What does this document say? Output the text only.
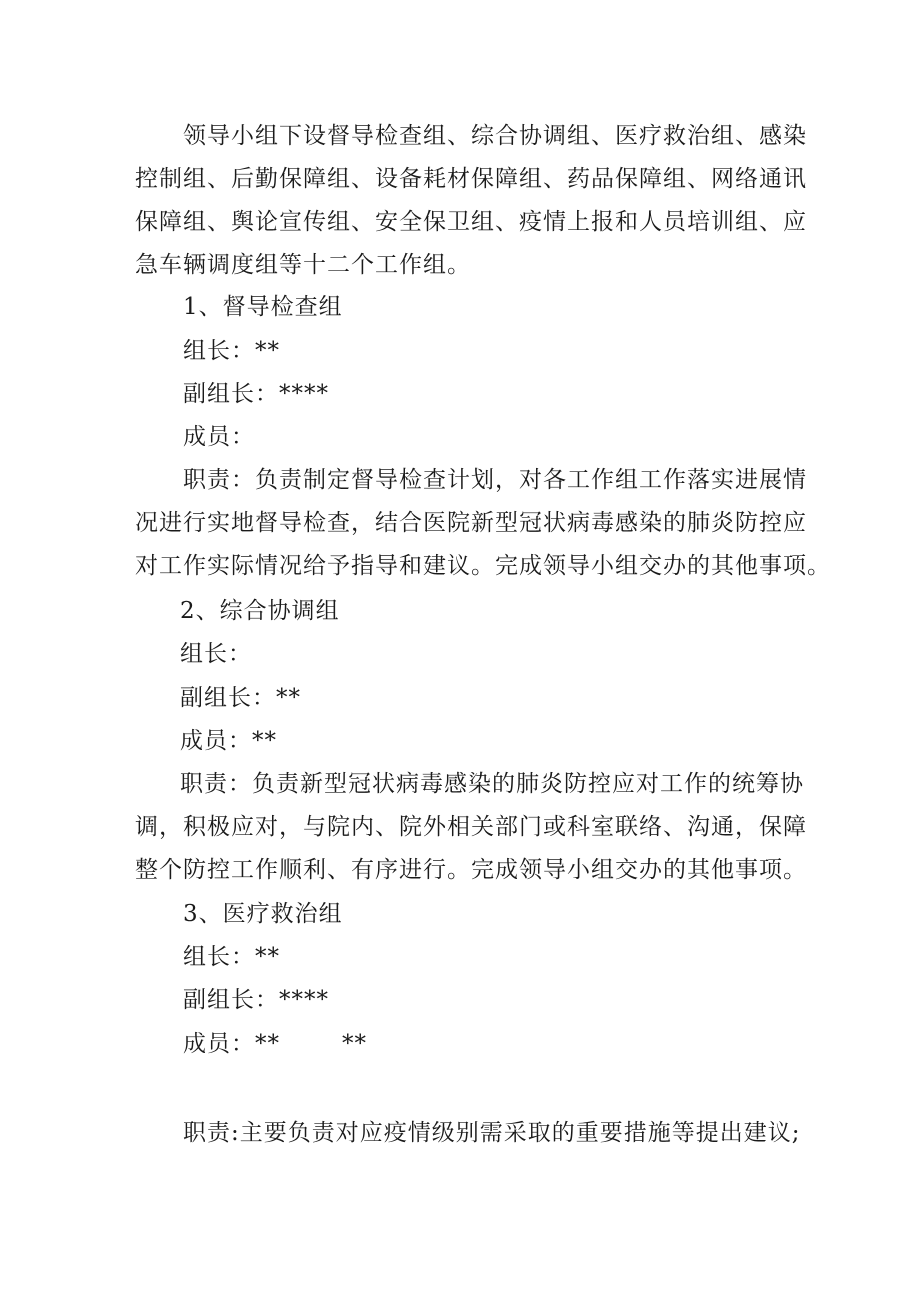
领导小组下设督导检查组、综合协调组、医疗救治组、感染
控制组、后勤保障组、设备耗材保障组、药品保障组、网络通讯
保障组、舆论宣传组、安全保卫组、疫情上报和人员培训组、应
急车辆调度组等十二个工作组。
1、督导检查组
组长：**
副组长：****
成员：
职责：负责制定督导检查计划，对各工作组工作落实进展情
况进行实地督导检查，结合医院新型冠状病毒感染的肺炎防控应
对工作实际情况给予指导和建议。完成领导小组交办的其他事项。
2、综合协调组
组长：
副组长：**
成员：**
职责：负责新型冠状病毒感染的肺炎防控应对工作的统筹协
调，积极应对，与院内、院外相关部门或科室联络、沟通，保障
整个防控工作顺利、有序进行。完成领导小组交办的其他事项。
3、医疗救治组
组长：**
副组长：****
成员：**	**
职责:主要负责对应疫情级别需采取的重要措施等提出建议;
